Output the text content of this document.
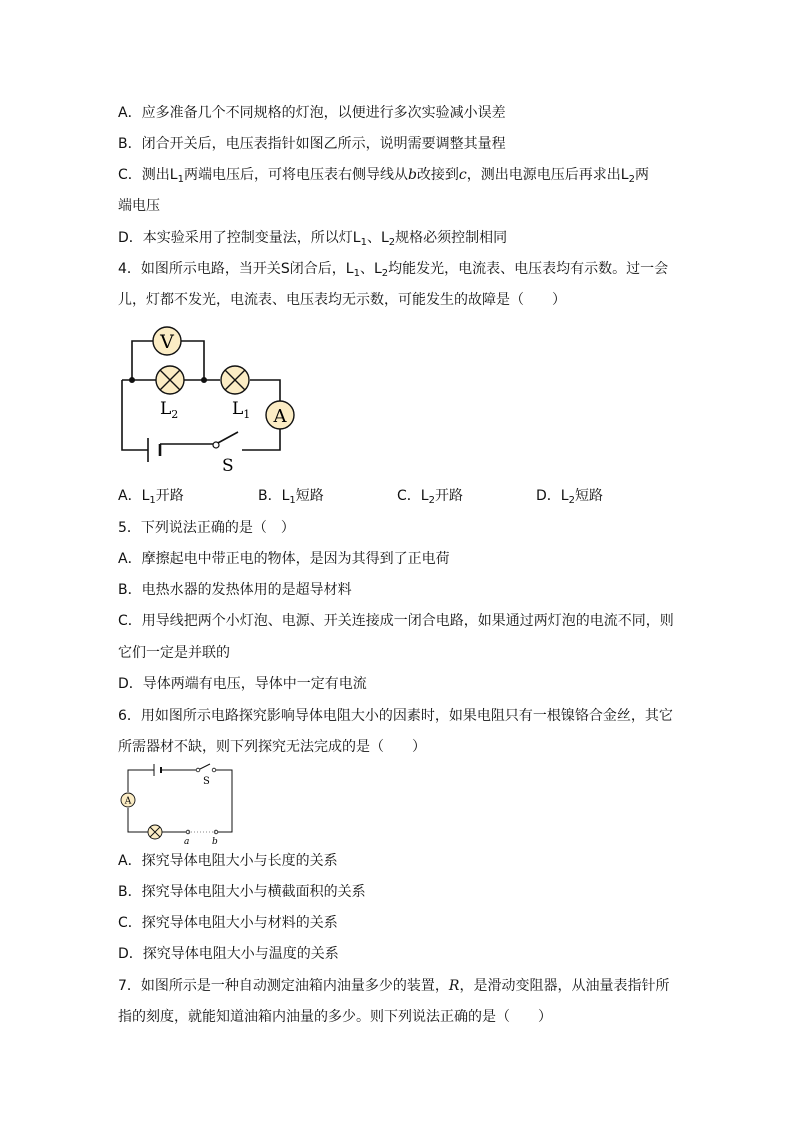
A．应多准备几个不同规格的灯泡，以便进行多次实验减小误差
B．闭合开关后，电压表指针如图乙所示，说明需要调整其量程
C．测出$L_1$两端电压后，可将电压表右侧导线从b改接到c，测出电源电压后再求出$L_2$两
端电压
D．本实验采用了控制变量法，所以灯$L_1$、$L_2$规格必须控制相同
4．如图所示电路，当开关S闭合后，$L_1$、$L_2$均能发光，电流表、电压表均有示数。过一会
儿，灯都不发光，电流表、电压表均无示数，可能发生的故障是（　　）
V
$L_2$	$L_1$ A
S
A．$L_1$开路	B．$L_1$短路	C．$L_2$开路	D．$L_2$短路
5．下列说法正确的是（　）
A．摩擦起电中带正电的物体，是因为其得到了正电荷
B．电热水器的发热体用的是超导材料
C．用导线把两个小灯泡、电源、开关连接成一闭合电路，如果通过两灯泡的电流不同，则
它们一定是并联的
D．导体两端有电压，导体中一定有电流
6．用如图所示电路探究影响导体电阻大小的因素时，如果电阻只有一根镍铬合金丝，其它
所需器材不缺，则下列探究无法完成的是（　　）
A
S
a	b
A．探究导体电阻大小与长度的关系
B．探究导体电阻大小与横截面积的关系
C．探究导体电阻大小与材料的关系
D．探究导体电阻大小与温度的关系
7．如图所示是一种自动测定油箱内油量多少的装置，R，是滑动变阻器，从油量表指针所
指的刻度，就能知道油箱内油量的多少。则下列说法正确的是（　　）
